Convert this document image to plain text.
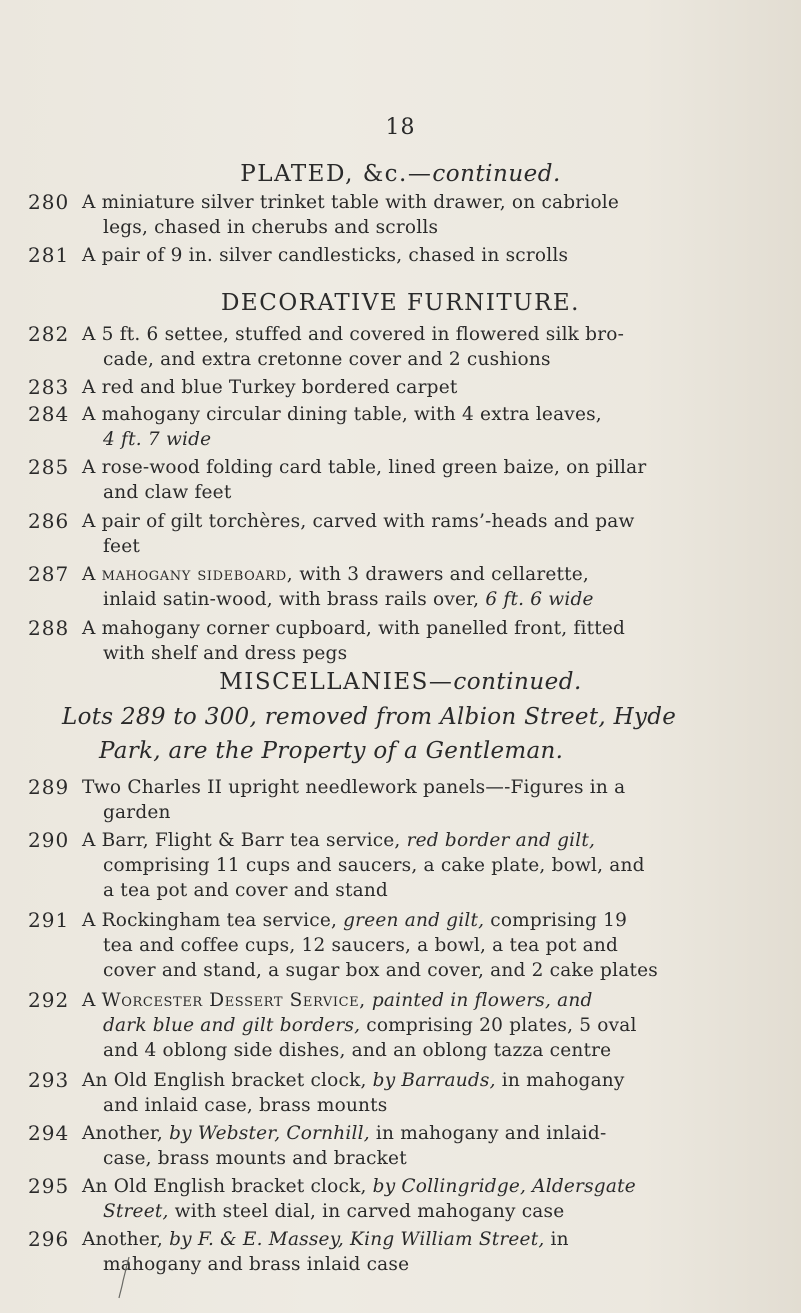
18
PLATED, &c.—continued.
280 A miniature silver trinket table with drawer, on cabriole
legs, chased in cherubs and scrolls
281 A pair of 9 in. silver candlesticks, chased in scrolls
DECORATIVE FURNITURE.
282 A 5 ft. 6 settee, stuffed and covered in flowered silk bro-
cade, and extra cretonne cover and 2 cushions
283 A red and blue Turkey bordered carpet
284 A mahogany circular dining table, with 4 extra leaves,
4 ft. 7 wide
285 A rose-wood folding card table, lined green baize, on pillar
and claw feet
286 A pair of gilt torchères, carved with rams’-heads and paw
feet
287 A mahogany sideboard, with 3 drawers and cellarette,
inlaid satin-wood, with brass rails over, 6 ft. 6 wide
288 A mahogany corner cupboard, with panelled front, fitted
with shelf and dress pegs
MISCELLANIES—continued.
Lots 289 to 300, removed from Albion Street, Hyde
Park, are the Property of a Gentleman.
289 Two Charles II upright needlework panels—-Figures in a
garden
290 A Barr, Flight & Barr tea service, red border and gilt,
comprising 11 cups and saucers, a cake plate, bowl, and
a tea pot and cover and stand
291 A Rockingham tea service, green and gilt, comprising 19
tea and coffee cups, 12 saucers, a bowl, a tea pot and
cover and stand, a sugar box and cover, and 2 cake plates
292 A Worcester Dessert Service, painted in flowers, and
dark blue and gilt borders, comprising 20 plates, 5 oval
and 4 oblong side dishes, and an oblong tazza centre
293 An Old English bracket clock, by Barrauds, in mahogany
and inlaid case, brass mounts
294 Another, by Webster, Cornhill, in mahogany and inlaid-
case, brass mounts and bracket
295 An Old English bracket clock, by Collingridge, Aldersgate
Street, with steel dial, in carved mahogany case
296 Another, by F. & E. Massey, King William Street, in
mahogany and brass inlaid case
